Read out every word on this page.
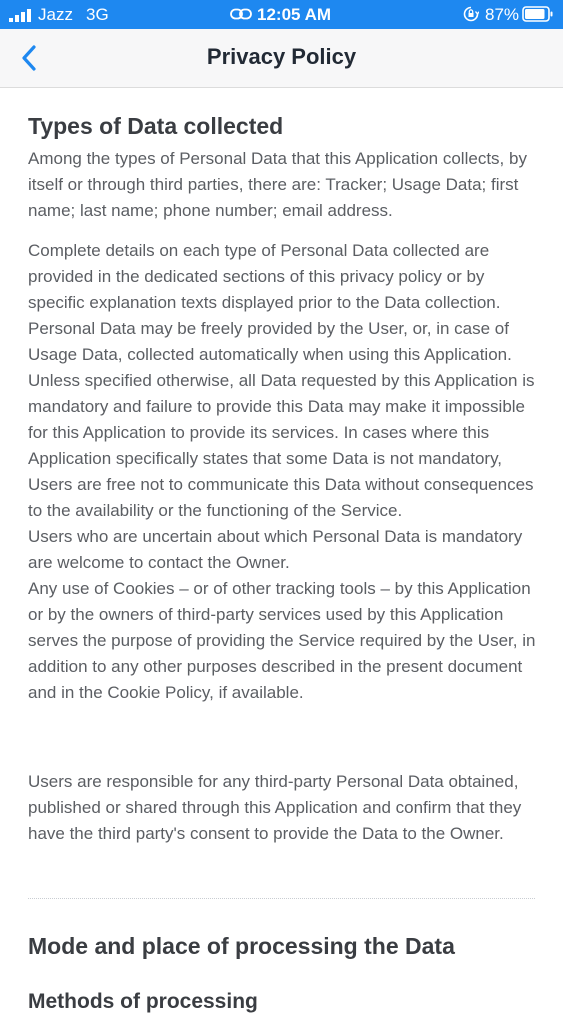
Jazz 3G	12:05 AM	87%
Privacy Policy
Types of Data collected

Among the types of Personal Data that this Application collects, by itself or through third parties, there are: Tracker; Usage Data; first name; last name; phone number; email address.

Complete details on each type of Personal Data collected are provided in the dedicated sections of this privacy policy or by specific explanation texts displayed prior to the Data collection.

Personal Data may be freely provided by the User, or, in case of Usage Data, collected automatically when using this Application.

Unless specified otherwise, all Data requested by this Application is mandatory and failure to provide this Data may make it impossible for this Application to provide its services. In cases where this Application specifically states that some Data is not mandatory, Users are free not to communicate this Data without consequences to the availability or the functioning of the Service.

Users who are uncertain about which Personal Data is mandatory are welcome to contact the Owner.

Any use of Cookies – or of other tracking tools – by this Application or by the owners of third-party services used by this Application serves the purpose of providing the Service required by the User, in addition to any other purposes described in the present document and in the Cookie Policy, if available.

Users are responsible for any third-party Personal Data obtained, published or shared through this Application and confirm that they have the third party's consent to provide the Data to the Owner.

Mode and place of processing the Data
Methods of processing
